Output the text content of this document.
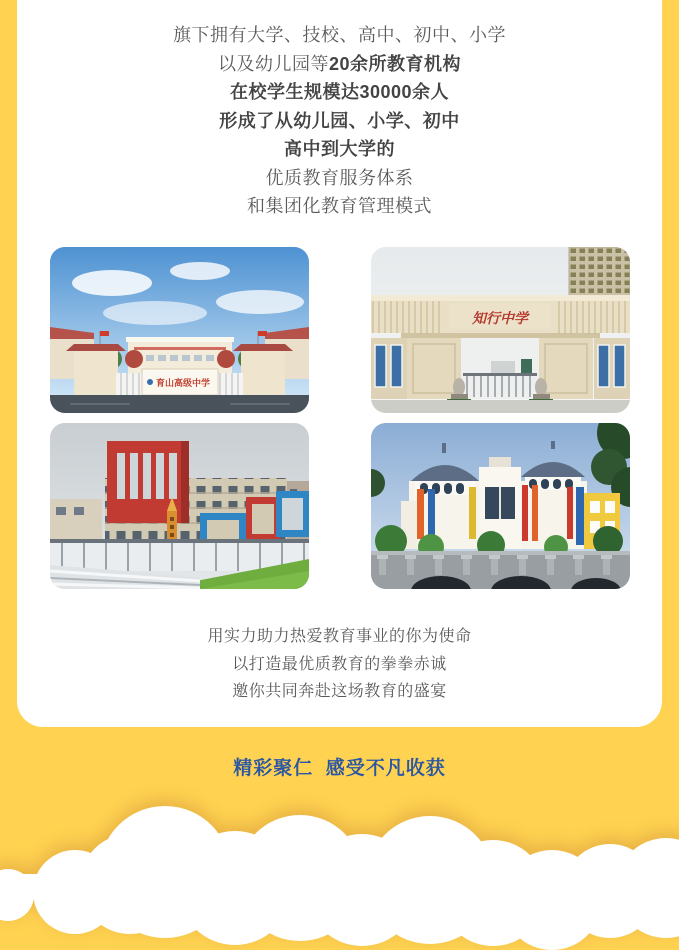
旗下拥有大学、技校、高中、初中、小学
以及幼儿园等20余所教育机构
在校学生规模达30000余人
形成了从幼儿园、小学、初中
高中到大学的
优质教育服务体系
和集团化教育管理模式
育山高级中学
知行中学
用实力助力热爱教育事业的你为使命
以打造最优质教育的拳拳赤诚
邀你共同奔赴这场教育的盛宴
精彩聚仁  感受不凡收获
